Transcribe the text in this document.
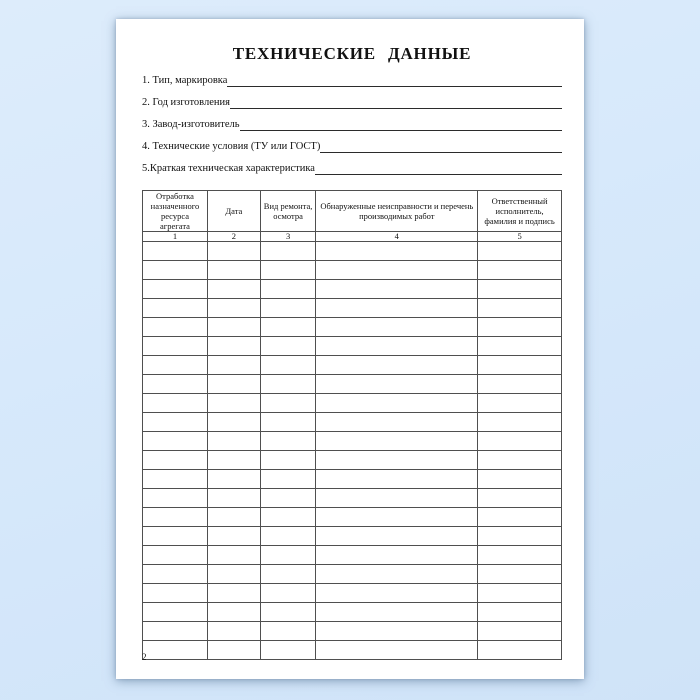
ТЕХНИЧЕСКИЕ ДАННЫЕ
1. Тип, маркировка
2. Год изготовления
3. Завод-изготовитель
4. Технические условия (ТУ или ГОСТ)
5.Краткая техническая характеристика
Отработка назначенного ресурса агрегата	Дата	Вид ремонта, осмотра	Обнаруженные неисправности и перечень производимых работ	Ответственный исполнитель, фамилия и подпись
1	2	3	4	5

2
